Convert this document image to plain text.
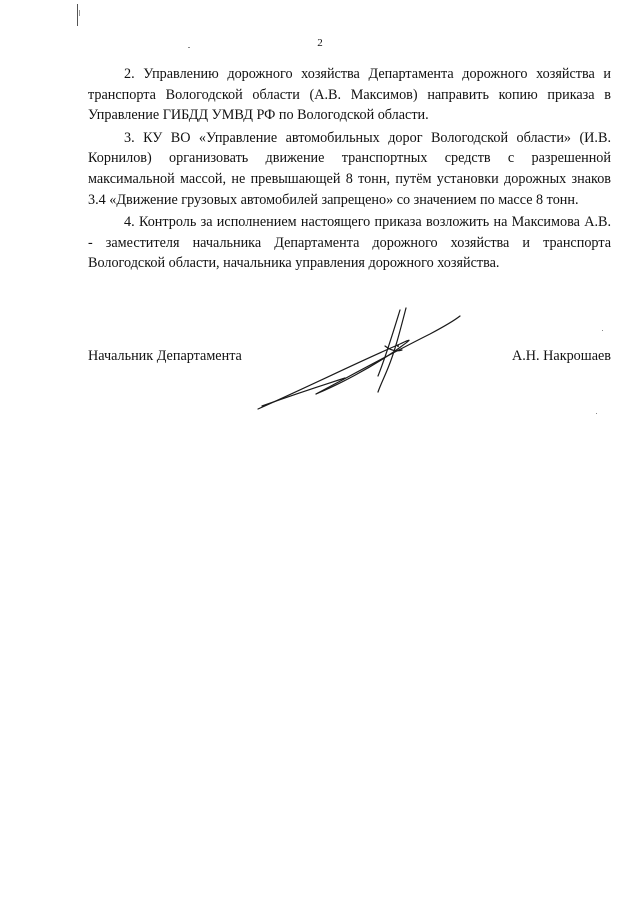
2

2. Управлению дорожного хозяйства Департамента дорожного хозяйства и транспорта Вологодской области (А.В. Максимов) направить копию приказа в Управление ГИБДД УМВД РФ по Вологодской области.

3. КУ ВО «Управление автомобильных дорог Вологодской области» (И.В. Корнилов) организовать движение транспортных средств с разрешенной максимальной массой, не превышающей 8 тонн, путём установки дорожных знаков 3.4 «Движение грузовых автомобилей запрещено» со значением по массе 8 тонн.

4. Контроль за исполнением настоящего приказа возложить на Максимова А.В. - заместителя начальника Департамента дорожного хозяйства и транспорта Вологодской области, начальника управления дорожного хозяйства.

Начальник Департамента	А.Н. Накрошаев
